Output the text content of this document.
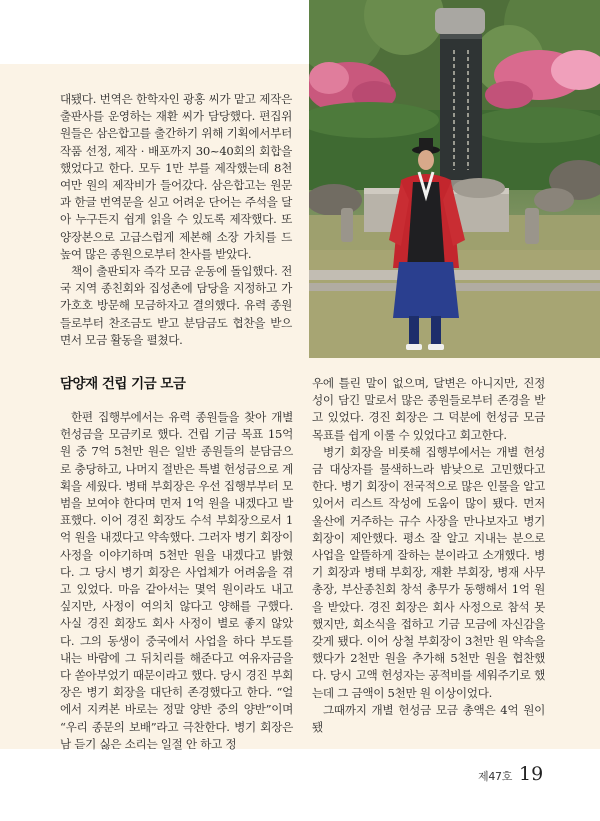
대됐다. 번역은 한학자인 광홍 씨가 맡고 제작은 출판사를 운영하는 재환 씨가 담당했다. 편집위원들은 삼은합고를 출간하기 위해 기획에서부터 작품 선정, 제작 · 배포까지 30~40회의 회합을 했었다고 한다. 모두 1만 부를 제작했는데 8천여만 원의 제작비가 들어갔다. 삼은합고는 원문과 한글 번역문을 싣고 어려운 단어는 주석을 달아 누구든지 쉽게 읽을 수 있도록 제작했다. 또 양장본으로 고급스럽게 제본해 소장 가치를 드높여 많은 종원으로부터 찬사를 받았다.

책이 출판되자 즉각 모금 운동에 돌입했다. 전국 지역 종친회와 집성촌에 담당을 지정하고 가가호호 방문해 모금하자고 결의했다. 유력 종원들로부터 찬조금도 받고 분담금도 협찬을 받으면서 모금 활동을 펼쳤다.

담양재 건립 기금 모금

한편 집행부에서는 유력 종원들을 찾아 개별 헌성금을 모금키로 했다. 건립 기금 목표 15억 원 중 7억 5천만 원은 일반 종원들의 분담금으로 충당하고, 나머지 절반은 특별 헌성금으로 계획을 세웠다. 병태 부회장은 우선 집행부부터 모범을 보여야 한다며 먼저 1억 원을 내겠다고 발표했다. 이어 경진 회장도 수석 부회장으로서 1억 원을 내겠다고 약속했다. 그러자 병기 회장이 사정을 이야기하며 5천만 원을 내겠다고 밝혔다. 그 당시 병기 회장은 사업체가 어려움을 겪고 있었다. 마음 같아서는 몇억 원이라도 내고 싶지만, 사정이 여의치 않다고 양해를 구했다. 사실 경진 회장도 회사 사정이 별로 좋지 않았다. 그의 동생이 중국에서 사업을 하다 부도를 내는 바람에 그 뒤치리를 해준다고 여유자금을 다 쏟아부었기 때문이라고 했다. 당시 경진 부회장은 병기 회장을 대단히 존경했다고 한다. “얼에서 지켜본 바로는 정말 양반 중의 양반”이며 “우리 종문의 보배”라고 극찬한다. 병기 회장은 남 듣기 싫은 소리는 일절 안 하고 정

우에 틀린 말이 없으며, 달변은 아니지만, 진정성이 담긴 말로서 많은 종원들로부터 존경을 받고 있었다. 경진 회장은 그 덕분에 헌성금 모금 목표를 쉽게 이룰 수 있었다고 회고한다.

병기 회장을 비롯해 집행부에서는 개별 헌성금 대상자를 물색하느라 밤낮으로 고민했다고 한다. 병기 회장이 전국적으로 많은 인물을 알고 있어서 리스트 작성에 도움이 많이 됐다. 먼저 울산에 거주하는 규수 사장을 만나보자고 병기 회장이 제안했다. 평소 잘 알고 지내는 분으로 사업을 알뜰하게 잘하는 분이라고 소개했다. 병기 회장과 병태 부회장, 재환 부회장, 병재 사무총장, 부산종친회 창석 총무가 동행해서 1억 원을 받았다. 경진 회장은 회사 사정으로 참석 못 했지만, 희소식을 접하고 기금 모금에 자신감을 갖게 됐다. 이어 상철 부회장이 3천만 원 약속을 했다가 2천만 원을 추가해 5천만 원을 협찬했다. 당시 고액 헌성자는 공적비를 세워주기로 했는데 그 금액이 5천만 원 이상이었다.

그때까지 개별 헌성금 모금 총액은 4억 원이 됐

제47호 19
